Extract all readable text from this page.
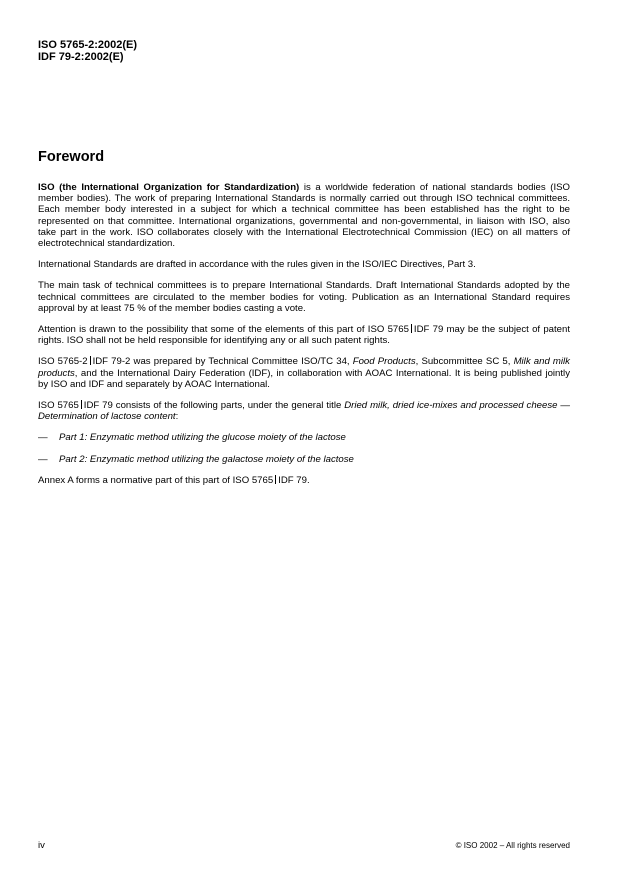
ISO 5765-2:2002(E)
IDF 79-2:2002(E)
Foreword

ISO (the International Organization for Standardization) is a worldwide federation of national standards bodies (ISO member bodies). The work of preparing International Standards is normally carried out through ISO technical committees. Each member body interested in a subject for which a technical committee has been established has the right to be represented on that committee. International organizations, governmental and non-governmental, in liaison with ISO, also take part in the work. ISO collaborates closely with the International Electrotechnical Commission (IEC) on all matters of electrotechnical standardization.

International Standards are drafted in accordance with the rules given in the ISO/IEC Directives, Part 3.

The main task of technical committees is to prepare International Standards. Draft International Standards adopted by the technical committees are circulated to the member bodies for voting. Publication as an International Standard requires approval by at least 75 % of the member bodies casting a vote.

Attention is drawn to the possibility that some of the elements of this part of ISO 5765 IDF 79 may be the subject of patent rights. ISO shall not be held responsible for identifying any or all such patent rights.

ISO 5765-2 IDF 79-2 was prepared by Technical Committee ISO/TC 34, Food Products, Subcommittee SC 5, Milk and milk products, and the International Dairy Federation (IDF), in collaboration with AOAC International. It is being published jointly by ISO and IDF and separately by AOAC International.

ISO 5765 IDF 79 consists of the following parts, under the general title Dried milk, dried ice-mixes and processed cheese — Determination of lactose content:

—	Part 1: Enzymatic method utilizing the glucose moiety of the lactose
—	Part 2: Enzymatic method utilizing the galactose moiety of the lactose

Annex A forms a normative part of this part of ISO 5765 IDF 79.

iv	© ISO 2002 – All rights reserved
